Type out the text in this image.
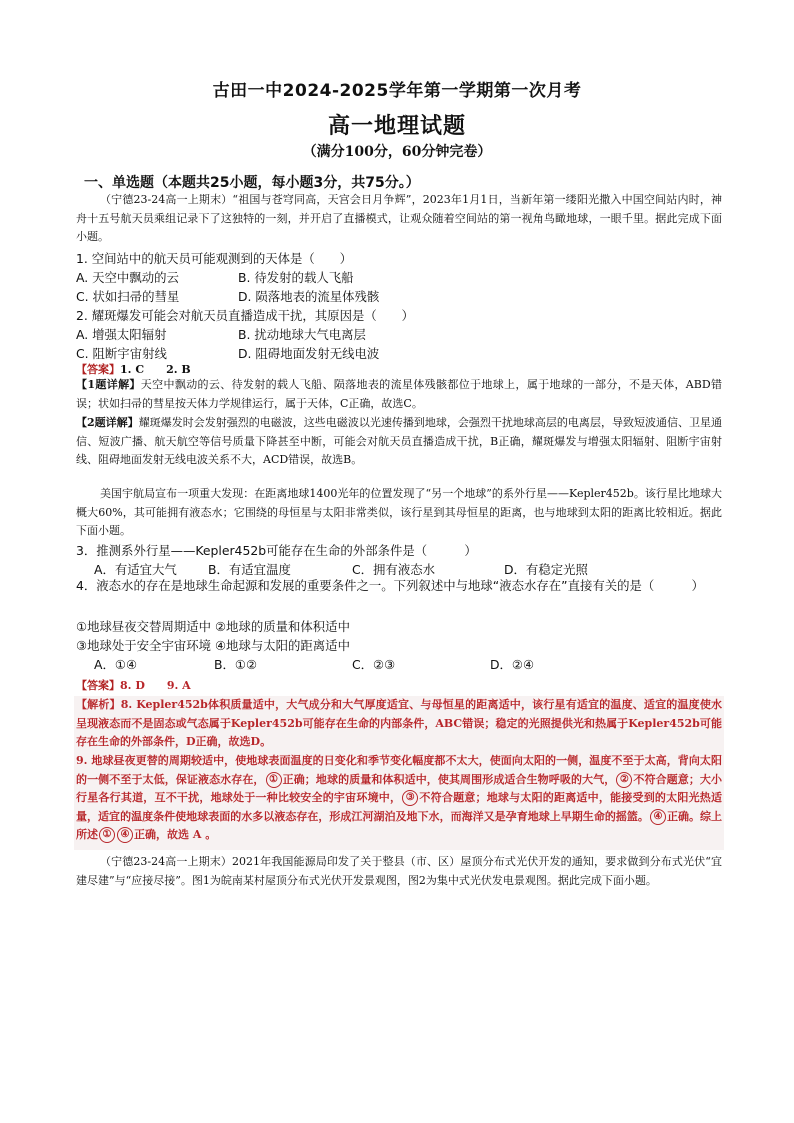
古田一中2024-2025学年第一学期第一次月考
高一地理试题
（满分100分，60分钟完卷）
一、单选题（本题共25小题，每小题3分，共75分。）
（宁德23-24高一上期末）“祖国与苍穹同高，天宫会日月争辉”，2023年1月1日，当新年第一缕阳光撒入中国空间站内时，神舟十五号航天员乘组记录下了这独特的一刻，并开启了直播模式，让观众随着空间站的第一视角鸟瞰地球，一眼千里。据此完成下面小题。
1. 空间站中的航天员可能观测到的天体是（　　）
A. 天空中飘动的云	B. 待发射的载人飞船
C. 状如扫帚的彗星	D. 陨落地表的流星体残骸
2. 耀斑爆发可能会对航天员直播造成干扰，其原因是（　　）
A. 增强太阳辐射	B. 扰动地球大气电离层
C. 阻断宇宙射线	D. 阻碍地面发射无线电波
【答案】1. C　　2. B
【1题详解】天空中飘动的云、待发射的载人飞船、陨落地表的流星体残骸都位于地球上，属于地球的一部分，不是天体，ABD错误；状如扫帚的彗星按天体力学规律运行，属于天体，C正确，故选C。
【2题详解】耀斑爆发时会发射强烈的电磁波，这些电磁波以光速传播到地球，会强烈干扰地球高层的电离层，导致短波通信、卫星通信、短波广播、航天航空等信号质量下降甚至中断，可能会对航天员直播造成干扰，B正确，耀斑爆发与增强太阳辐射、阻断宇宙射线、阻碍地面发射无线电波关系不大，ACD错误，故选B。
美国宇航局宣布一项重大发现：在距离地球1400光年的位置发现了“另一个地球”的系外行星——Kepler452b。该行星比地球大概大60%，其可能拥有液态水；它围绕的母恒星与太阳非常类似，该行星到其母恒星的距离，也与地球到太阳的距离比较相近。据此下面小题。
3．推测系外行星——Kepler452b可能存在生命的外部条件是（　　　）
A．有适宜大气	B．有适宜温度	C．拥有液态水	D．有稳定光照
4．液态水的存在是地球生命起源和发展的重要条件之一。下列叙述中与地球“液态水存在”直接有关的是（　　　）
①地球昼夜交替周期适中 ②地球的质量和体积适中
③地球处于安全宇宙环境 ④地球与太阳的距离适中
A．①④	B．①②	C．②③	D．②④
【答案】8. D　　9. A
【解析】8. Kepler452b体积质量适中，大气成分和大气厚度适宜、与母恒星的距离适中，该行星有适宜的温度、适宜的温度使水呈现液态而不是固态或气态属于Kepler452b可能存在生命的内部条件，ABC错误；稳定的光照提供光和热属于Kepler452b可能存在生命的外部条件，D正确，故选D。
9. 地球昼夜更替的周期较适中，使地球表面温度的日变化和季节变化幅度都不太大，使面向太阳的一侧，温度不至于太高，背向太阳的一侧不至于太低，保证液态水存在， ① 正确；地球的质量和体积适中，使其周围形成适合生物呼吸的大气， ② 不符合题意；大小行星各行其道，互不干扰，地球处于一种比较安全的宇宙环境中， ③ 不符合题意；地球与太阳的距离适中，能接受到的太阳光热适量，适宜的温度条件使地球表面的水多以液态存在，形成江河湖泊及地下水，而海洋又是孕育地球上早期生命的摇篮。 ④ 正确。综上所述 ① ④ 正确，故选 A 。
（宁德23-24高一上期末）2021年我国能源局印发了关于整县（市、区）屋顶分布式光伏开发的通知，要求做到分布式光伏“宜建尽建”与“应接尽接”。图1为皖南某村屋顶分布式光伏开发景观图，图2为集中式光伏发电景观图。据此完成下面小题。
